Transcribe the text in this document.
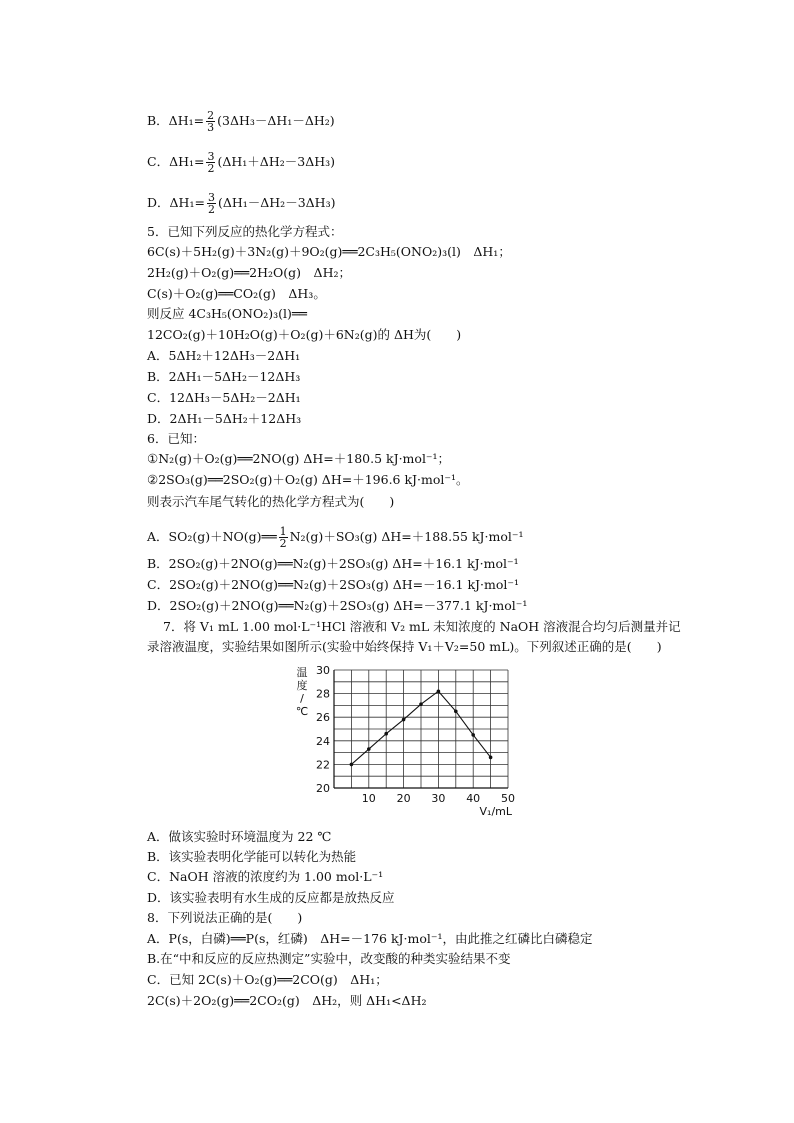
B．$\Delta H_1= \frac{2}{3} (3\Delta H_3-\Delta H_1-\Delta H_2)$
C．$\Delta H_1= \frac{3}{2} (\Delta H_1+\Delta H_2-3\Delta H_3)$
D．$\Delta H_1= \frac{3}{2} (\Delta H_1-\Delta H_2-3\Delta H_3)$
5．已知下列反应的热化学方程式：
6C(s)＋5H₂(g)＋3N₂(g)＋9O₂(g)══2C₃H₅(ONO₂)₃(l)　ΔH₁；
2H₂(g)＋O₂(g)══2H₂O(g)　ΔH₂；
C(s)＋O₂(g)══CO₂(g)　ΔH₃。
则反应 4C₃H₅(ONO₂)₃(l)══
12CO₂(g)＋10H₂O(g)＋O₂(g)＋6N₂(g)的 ΔH为(　　)
A．5ΔH₂＋12ΔH₃－2ΔH₁
B．2ΔH₁－5ΔH₂－12ΔH₃
C．12ΔH₃－5ΔH₂－2ΔH₁
D．2ΔH₁－5ΔH₂＋12ΔH₃
6．已知：
①N₂(g)＋O₂(g)══2NO(g) ΔH=＋180.5 kJ·mol⁻¹；
②2SO₃(g)══2SO₂(g)＋O₂(g) ΔH=＋196.6 kJ·mol⁻¹。
则表示汽车尾气转化的热化学方程式为(　　)
A．SO₂(g)＋NO(g)══ $\frac{1}{2} N_2(g)+SO_3(g)$ ΔH=＋188.55 kJ·mol⁻¹
B．2SO₂(g)＋2NO(g)══N₂(g)＋2SO₃(g) ΔH=＋16.1 kJ·mol⁻¹
C．2SO₂(g)＋2NO(g)══N₂(g)＋2SO₃(g) ΔH=－16.1 kJ·mol⁻¹
D．2SO₂(g)＋2NO(g)══N₂(g)＋2SO₃(g) ΔH=－377.1 kJ·mol⁻¹
7．将 V₁ mL 1.00 mol·L⁻¹HCl 溶液和 V₂ mL 未知浓度的 NaOH 溶液混合均匀后测量并记
录溶液温度，实验结果如图所示(实验中始终保持 V₁＋V₂=50 mL)。下列叙述正确的是(　　)
20
22
24
26
28
30
10 20 30 40 50
温
度
/
℃
V₁/mL
A．做该实验时环境温度为 22 ℃
B．该实验表明化学能可以转化为热能
C．NaOH 溶液的浓度约为 1.00 mol·L⁻¹
D．该实验表明有水生成的反应都是放热反应
8．下列说法正确的是(　　)
A．P(s，白磷)══P(s，红磷)　ΔH=－176 kJ·mol⁻¹，由此推之红磷比白磷稳定
B.在“中和反应的反应热测定”实验中，改变酸的种类实验结果不变
C．已知 2C(s)＋O₂(g)══2CO(g)　ΔH₁；
2C(s)＋2O₂(g)══2CO₂(g)　ΔH₂，则 ΔH₁<ΔH₂
